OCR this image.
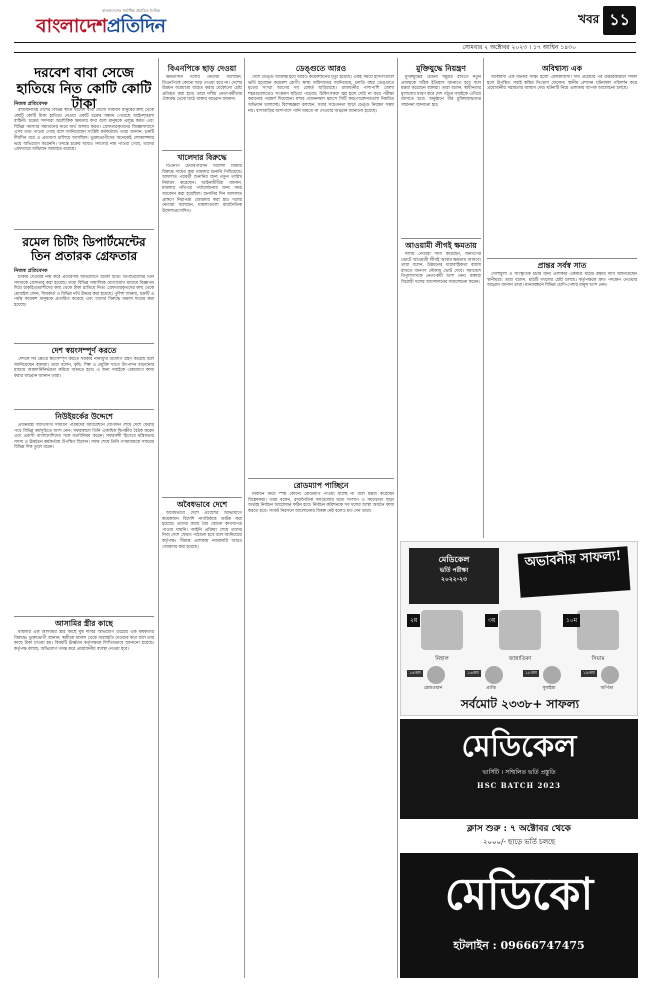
বাংলাদেশের সর্বাধিক প্রচারিত দৈনিক
বাংলাদেশপ্রতিদিন	খবর ১১
সোমবার ২ অক্টোবর ২০২৩ । ১৭ আশ্বিন ১৪৩০
দরবেশ বাবা সেজে হাতিয়ে নিত কোটি কোটি টাকা
নিজস্ব প্রতিবেদক

রাজধানীসহ দেশের বিভিন্ন স্থানে দরবেশ বাবা সেজে সাধারণ মানুষের কাছ থেকে কোটি কোটি টাকা হাতিয়ে নেওয়া একটি চক্রের সন্ধান পেয়েছে আইনশৃঙ্খলা বাহিনী। চক্রের সদস্যরা অলৌকিক ক্ষমতার কথা বলে মানুষকে প্রলুব্ধ করত এবং বিভিন্ন সমস্যার সমাধানের নামে অর্থ আদায় করত। গ্রেফতারকৃতদের জিজ্ঞাসাবাদে এসব তথ্য পাওয়া গেছে বলে জানিয়েছেন সংশ্লিষ্ট কর্মকর্তারা। তারা জানান, চক্রটি দীর্ঘদিন ধরে এ প্রতারণা চালিয়ে আসছিল। ভুক্তভোগীদের অনেকেই লোকলজ্জার ভয়ে অভিযোগ করেননি। তদন্তে চক্রের আরও সদস্যের নাম পাওয়া গেছে, তাদের গ্রেফতারে অভিযান অব্যাহত রয়েছে।

রমেল চিটিং ডিপার্টমেন্টের তিন প্রতারক গ্রেফতার
নিজস্ব প্রতিবেদক

চাকরি দেওয়ার নাম করে প্রতারণার অভিযোগে রমেল চিটিং ডিপার্টমেন্টের তিন সদস্যকে গ্রেফতার করা হয়েছে। তারা বিভিন্ন সামাজিক যোগাযোগ মাধ্যমে বিজ্ঞাপন দিয়ে চাকরিপ্রত্যাশীদের কাছ থেকে টাকা হাতিয়ে নিত। গ্রেফতারকৃতদের কাছ থেকে মোবাইল ফোন, সিমকার্ড ও বিভিন্ন নথি উদ্ধার করা হয়েছে। পুলিশ জানায়, চক্রটি এ পর্যন্ত কয়েকশ মানুষকে প্রতারিত করেছে এবং তাদের বিরুদ্ধে মামলা দায়ের করা হয়েছে।

দেশ স্বয়ংসম্পূর্ণ করতে

দেশকে সব ক্ষেত্রে স্বয়ংসম্পূর্ণ করতে সরকার নানামুখী উদ্যোগ গ্রহণ করেছে বলে জানিয়েছেন বক্তারা। তারা বলেন, কৃষি, শিল্প ও প্রযুক্তি খাতে উৎপাদন বাড়ানোর মাধ্যমে আমদানিনির্ভরতা কমিয়ে আনতে হবে। এ জন্য সবাইকে একযোগে কাজ করার আহ্বান জানান তারা।

নিউইয়র্কের উদ্দেশে

প্রধানমন্ত্রী জাতিসংঘ সাধারণ পরিষদের অধিবেশনে যোগদান শেষে দেশে ফেরার পথে বিভিন্ন কর্মসূচিতে অংশ নেন। সফরকালে তিনি একাধিক দ্বিপক্ষীয় বৈঠক করেন এবং প্রবাসী বাংলাদেশিদের সঙ্গে মতবিনিময় করেন। সফরসঙ্গী হিসেবে মন্ত্রিসভার সদস্য ও ঊর্ধ্বতন কর্মকর্তারা উপস্থিত ছিলেন। সফর শেষে তিনি গণমাধ্যমকে সফরের বিভিন্ন দিক তুলে ধরেন।

আসামির স্ত্রীর কাছে

মামলার এক আসামির স্ত্রীর কাছে ঘুষ দাবির অভিযোগ উঠেছে এক কর্মকর্তার বিরুদ্ধে। ভুক্তভোগী জানান, স্বামীকে মামলা থেকে অব্যাহতি দেওয়ার কথা বলে তার কাছে টাকা চাওয়া হয়। বিষয়টি ঊর্ধ্বতন কর্তৃপক্ষকে লিখিতভাবে জানানো হয়েছে। কর্তৃপক্ষ বলছে, অভিযোগ তদন্ত করে প্রয়োজনীয় ব্যবস্থা নেওয়া হবে।

বিএনপিকে ছাড় দেওয়া

ক্ষমতাসীন দলের নেতারা বলেছেন, বিএনপিকে কোনো ছাড় দেওয়া হবে না। দেশের উন্নয়ন অগ্রযাত্রা ব্যাহত করার যেকোনো চেষ্টা প্রতিহত করা হবে। তারা দলীয় নেতা-কর্মীদের ঐক্যবদ্ধ থেকে মাঠে থাকার আহ্বান জানান।

খালেদার বিরুদ্ধে

বিএনপি চেয়ারপারসন খালেদা জিয়ার বিরুদ্ধে দায়ের করা মামলার শুনানি পিছিয়েছে। আদালত পরবর্তী শুনানির জন্য নতুন তারিখ নির্ধারণ করেছেন। আইনজীবীরা জানান, মামলার নথিপত্র পর্যালোচনার জন্য সময় আবেদন করা হয়েছিল। শুনানির দিন আদালত প্রাঙ্গণে নিরাপত্তা জোরদার করা হয়। দলের নেতারা বলেছেন, মামলাগুলো রাজনৈতিক উদ্দেশ্যপ্রণোদিত।

অবৈধভাবে দেশে

অবৈধভাবে দেশে প্রবেশের অভিযোগে কয়েকজন বিদেশি নাগরিককে আটক করা হয়েছে। তাদের কাছে বৈধ কোনো কাগজপত্র পাওয়া যায়নি। আইনি প্রক্রিয়া শেষে তাদের নিজ দেশে ফেরত পাঠানো হবে বলে জানিয়েছে কর্তৃপক্ষ। সীমান্ত এলাকায় নজরদারি আরও জোরদার করা হয়েছে।

ডেঙ্গুতে আরও

দেশে ডেঙ্গু আক্রান্ত হয়ে আরও কয়েকজনের মৃত্যু হয়েছে। একই সময়ে হাসপাতালে ভর্তি হয়েছেন কয়েকশ রোগী। স্বাস্থ্য অধিদফতর জানিয়েছে, চলতি বছর ডেঙ্গুতে মৃতের সংখ্যা আগের সব রেকর্ড ছাড়িয়েছে। রাজধানীর পাশাপাশি জেলা শহরগুলোতেও সংক্রমণ ছড়িয়ে পড়েছে। চিকিৎসকরা জ্বর হলে দেরি না করে পরীক্ষা করানোর পরামর্শ দিয়েছেন। মশার প্রজননস্থল ধ্বংসে সিটি করপোরেশনগুলো নিয়মিত অভিযান চালাচ্ছে। বিশেষজ্ঞরা বলছেন, সবার সচেতনতা ছাড়া ডেঙ্গু নিয়ন্ত্রণ সম্ভব নয়। বাসাবাড়ির আশপাশে পানি জমতে না দেওয়ার আহ্বান জানানো হয়েছে।

রোডম্যাপ পাচ্ছিনে

নির্বাচন নিয়ে স্পষ্ট কোনো রোডম্যাপ পাওয়া যাচ্ছে না বলে মন্তব্য করেছেন বিশ্লেষকরা। তারা বলেন, রাজনৈতিক দলগুলোর মধ্যে সংলাপ ও সমঝোতা ছাড়া অর্থবহ নির্বাচন আয়োজন কঠিন হবে। নির্বাচন কমিশনকে সব দলের আস্থা অর্জনে কাজ করতে হবে। সংকট নিরসনে আলোচনার বিকল্প নেই বলেও মত দেন তারা।

মুক্তিযুদ্ধে নিয়ন্ত্রণ

মুক্তিযুদ্ধের চেতনা সমুন্নত রাখতে নতুন প্রজন্মকে সঠিক ইতিহাস জানাতে হবে বলে মন্তব্য করেছেন বক্তারা। তারা বলেন, স্বাধীনতার মূল্যবোধ ধারণ করে দেশ গঠনে সবাইকে এগিয়ে আসতে হবে। অনুষ্ঠানে বীর মুক্তিযোদ্ধাদের সম্মাননা জানানো হয়।

আওয়ামী লীগই ক্ষমতায়

দলীয় নেতারা দাবি করেছেন, জনগণের ভোটে আওয়ামী লীগই আবার ক্ষমতায় আসবে। তারা বলেন, উন্নয়নের ধারাবাহিকতা বজায় রাখতে জনগণ নৌকায় ভোট দেবে। সমাবেশে বিপুলসংখ্যক নেতা-কর্মী অংশ নেন। বক্তারা বিরোধী দলের আন্দোলনের সমালোচনা করেন।

অবিশ্বাস্য এক

অবিশ্বাস্য এক ঘটনার সাক্ষী হলো এলাকাবাসী। দীর্ঘ প্রচেষ্টার পর উদ্ধারকারীরা সফল হলে উপস্থিত সবাই স্বস্তির নিঃশ্বাস ফেলেন। স্থানীয় প্রশাসন ঘটনাস্থল পরিদর্শন করে প্রয়োজনীয় সহায়তার আশ্বাস দেয়। ঘটনাটি নিয়ে এলাকায় ব্যাপক আলোচনা চলছে।

প্রান্তর সর্বস্ব সাত

খেলাধুলা ও সাংস্কৃতিক চর্চার জন্য এলাকার একমাত্র মাঠটি রক্ষার দাবি জানিয়েছেন স্থানীয়রা। তারা বলেন, মাঠটি দখলের চেষ্টা চলছে। কর্তৃপক্ষকে দ্রুত পদক্ষেপ নেওয়ার আহ্বান জানান তারা। মানববন্ধনে বিভিন্ন শ্রেণি-পেশার মানুষ অংশ নেন।

মেডিকেল
ভর্তি পরীক্ষা
২০২২-২৩
অভাবনীয় সাফল্য!
২য়
নিহাল
৩য়
জান্নাতিকা
১০ম
সিয়াম
১৪তম
রেজওয়ান
১৬তম
প্রাপ্তি
১৮তম
সুমাইয়া
১৯তম
অর্পিতা
সর্বমোট ২৩৩৮+ সাফল্য
মেডিকেল
ভার্সিটি । সম্মিলিত ভর্তি প্রস্তুতি
HSC BATCH 2023
ক্লাস শুরু : ৭ অক্টোবর থেকে
২০০০/- ছাড়ে ভর্তি চলছে
মেডিকো
হটলাইন : 09666747475
